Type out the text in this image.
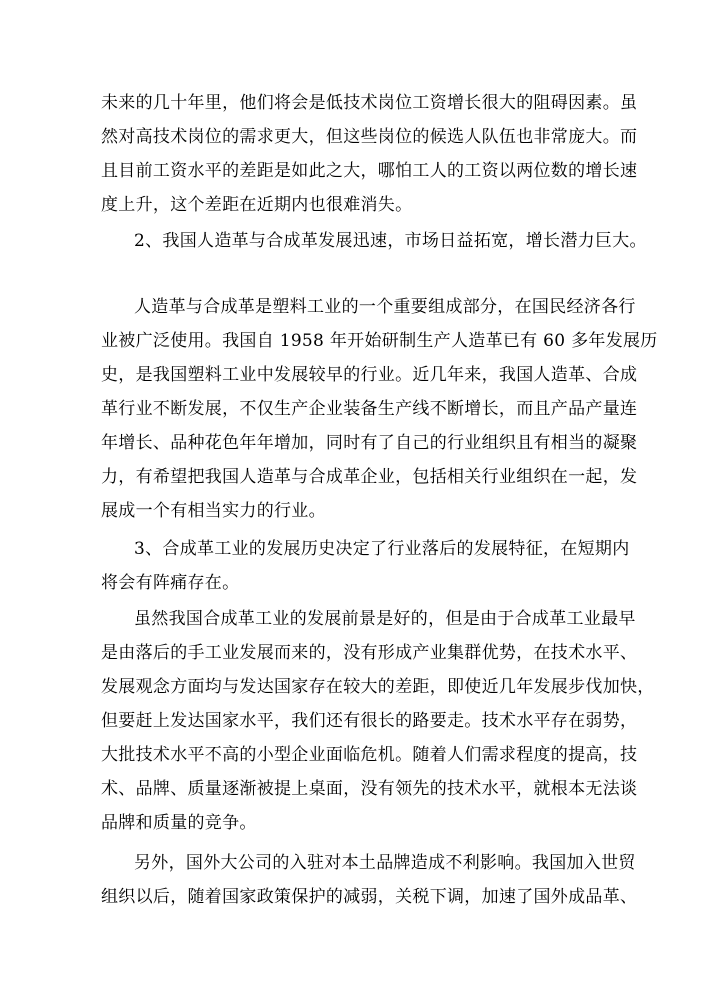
未来的几十年里，他们将会是低技术岗位工资增长很大的阻碍因素。虽
然对高技术岗位的需求更大，但这些岗位的候选人队伍也非常庞大。而
且目前工资水平的差距是如此之大，哪怕工人的工资以两位数的增长速
度上升，这个差距在近期内也很难消失。
2、我国人造革与合成革发展迅速，市场日益拓宽，增长潜力巨大。
人造革与合成革是塑料工业的一个重要组成部分，在国民经济各行
业被广泛使用。我国自 1958 年开始研制生产人造革已有 60 多年发展历
史，是我国塑料工业中发展较早的行业。近几年来，我国人造革、合成
革行业不断发展，不仅生产企业装备生产线不断增长，而且产品产量连
年增长、品种花色年年增加，同时有了自己的行业组织且有相当的凝聚
力，有希望把我国人造革与合成革企业，包括相关行业组织在一起，发
展成一个有相当实力的行业。
3、合成革工业的发展历史决定了行业落后的发展特征，在短期内
将会有阵痛存在。
虽然我国合成革工业的发展前景是好的，但是由于合成革工业最早
是由落后的手工业发展而来的，没有形成产业集群优势，在技术水平、
发展观念方面均与发达国家存在较大的差距，即使近几年发展步伐加快，
但要赶上发达国家水平，我们还有很长的路要走。技术水平存在弱势，
大批技术水平不高的小型企业面临危机。随着人们需求程度的提高，技
术、品牌、质量逐渐被提上桌面，没有领先的技术水平，就根本无法谈
品牌和质量的竞争。
另外，国外大公司的入驻对本土品牌造成不利影响。我国加入世贸
组织以后，随着国家政策保护的减弱，关税下调，加速了国外成品革、
